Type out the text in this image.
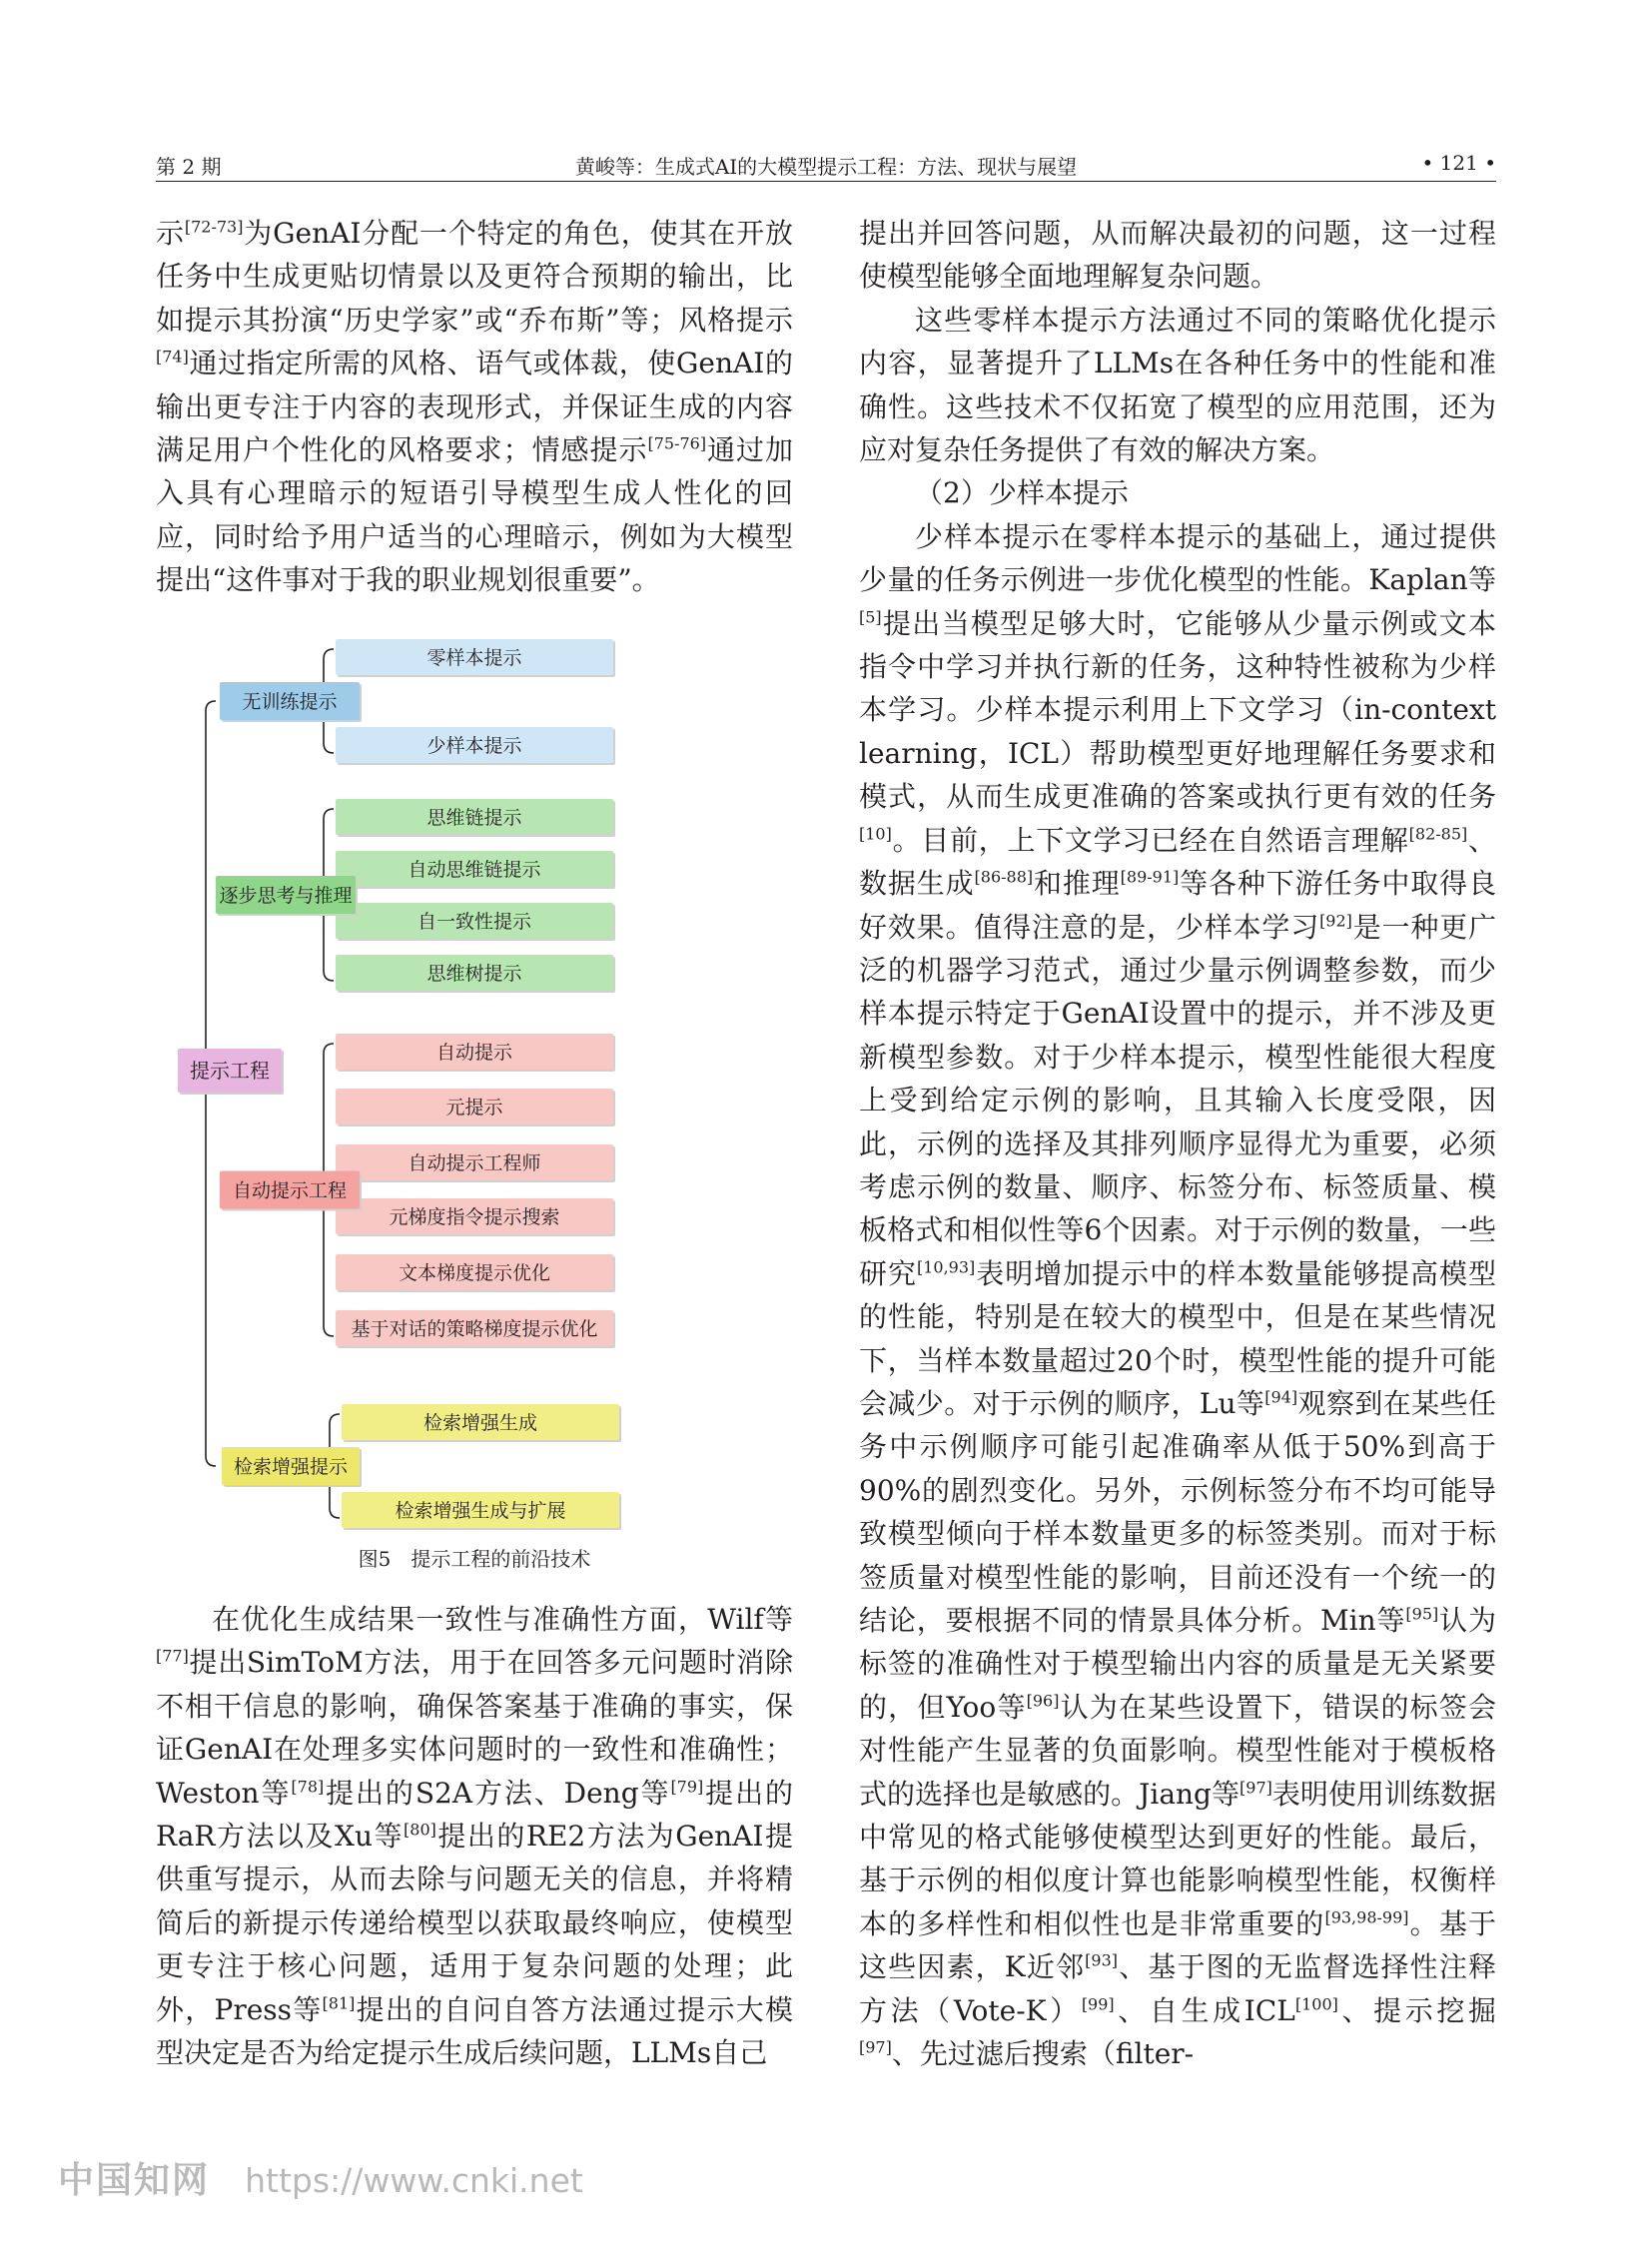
第 2 期	黄峻等：生成式AI的大模型提示工程：方法、现状与展望	• 121 •

示[72-73]为GenAI分配一个特定的角色，使其在开放任务中生成更贴切情景以及更符合预期的输出，比如提示其扮演“历史学家”或“乔布斯”等；风格提示[74]通过指定所需的风格、语气或体裁，使GenAI的输出更专注于内容的表现形式，并保证生成的内容满足用户个性化的风格要求；情感提示[75-76]通过加入具有心理暗示的短语引导模型生成人性化的回应，同时给予用户适当的心理暗示，例如为大模型提出“这件事对于我的职业规划很重要”。

零样本提示
少样本提示
无训练提示
思维链提示
自动思维链提示
自一致性提示
思维树提示
逐步思考与推理
自动提示
元提示
自动提示工程师
元梯度指令提示搜索
文本梯度提示优化
基于对话的策略梯度提示优化
自动提示工程
检索增强生成
检索增强生成与扩展
检索增强提示
提示工程
图5　提示工程的前沿技术

在优化生成结果一致性与准确性方面，Wilf等[77]提出SimToM方法，用于在回答多元问题时消除不相干信息的影响，确保答案基于准确的事实，保证GenAI在处理多实体问题时的一致性和准确性；Weston等[78]提出的S2A方法、Deng等[79]提出的RaR方法以及Xu等[80]提出的RE2方法为GenAI提供重写提示，从而去除与问题无关的信息，并将精简后的新提示传递给模型以获取最终响应，使模型更专注于核心问题，适用于复杂问题的处理；此外，Press等[81]提出的自问自答方法通过提示大模型决定是否为给定提示生成后续问题，LLMs自己

提出并回答问题，从而解决最初的问题，这一过程使模型能够全面地理解复杂问题。

这些零样本提示方法通过不同的策略优化提示内容，显著提升了LLMs在各种任务中的性能和准确性。这些技术不仅拓宽了模型的应用范围，还为应对复杂任务提供了有效的解决方案。

（2）少样本提示

少样本提示在零样本提示的基础上，通过提供少量的任务示例进一步优化模型的性能。Kaplan等[5]提出当模型足够大时，它能够从少量示例或文本指令中学习并执行新的任务，这种特性被称为少样本学习。少样本提示利用上下文学习（in-context learning，ICL）帮助模型更好地理解任务要求和模式，从而生成更准确的答案或执行更有效的任务[10]。目前，上下文学习已经在自然语言理解[82-85]、数据生成[86-88]和推理[89-91]等各种下游任务中取得良好效果。值得注意的是，少样本学习[92]是一种更广泛的机器学习范式，通过少量示例调整参数，而少样本提示特定于GenAI设置中的提示，并不涉及更新模型参数。对于少样本提示，模型性能很大程度上受到给定示例的影响，且其输入长度受限，因此，示例的选择及其排列顺序显得尤为重要，必须考虑示例的数量、顺序、标签分布、标签质量、模板格式和相似性等6个因素。对于示例的数量，一些研究[10,93]表明增加提示中的样本数量能够提高模型的性能，特别是在较大的模型中，但是在某些情况下，当样本数量超过20个时，模型性能的提升可能会减少。对于示例的顺序，Lu等[94]观察到在某些任务中示例顺序可能引起准确率从低于50%到高于90%的剧烈变化。另外，示例标签分布不均可能导致模型倾向于样本数量更多的标签类别。而对于标签质量对模型性能的影响，目前还没有一个统一的结论，要根据不同的情景具体分析。Min等[95]认为标签的准确性对于模型输出内容的质量是无关紧要的，但Yoo等[96]认为在某些设置下，错误的标签会对性能产生显著的负面影响。模型性能对于模板格式的选择也是敏感的。Jiang等[97]表明使用训练数据中常见的格式能够使模型达到更好的性能。最后，基于示例的相似度计算也能影响模型性能，权衡样本的多样性和相似性也是非常重要的[93,98-99]。基于这些因素，K近邻[93]、基于图的无监督选择性注释方法（Vote-K）[99]、自生成ICL[100]、提示挖掘[97]、先过滤后搜索（filter-

中国知网 https://www.cnki.net
